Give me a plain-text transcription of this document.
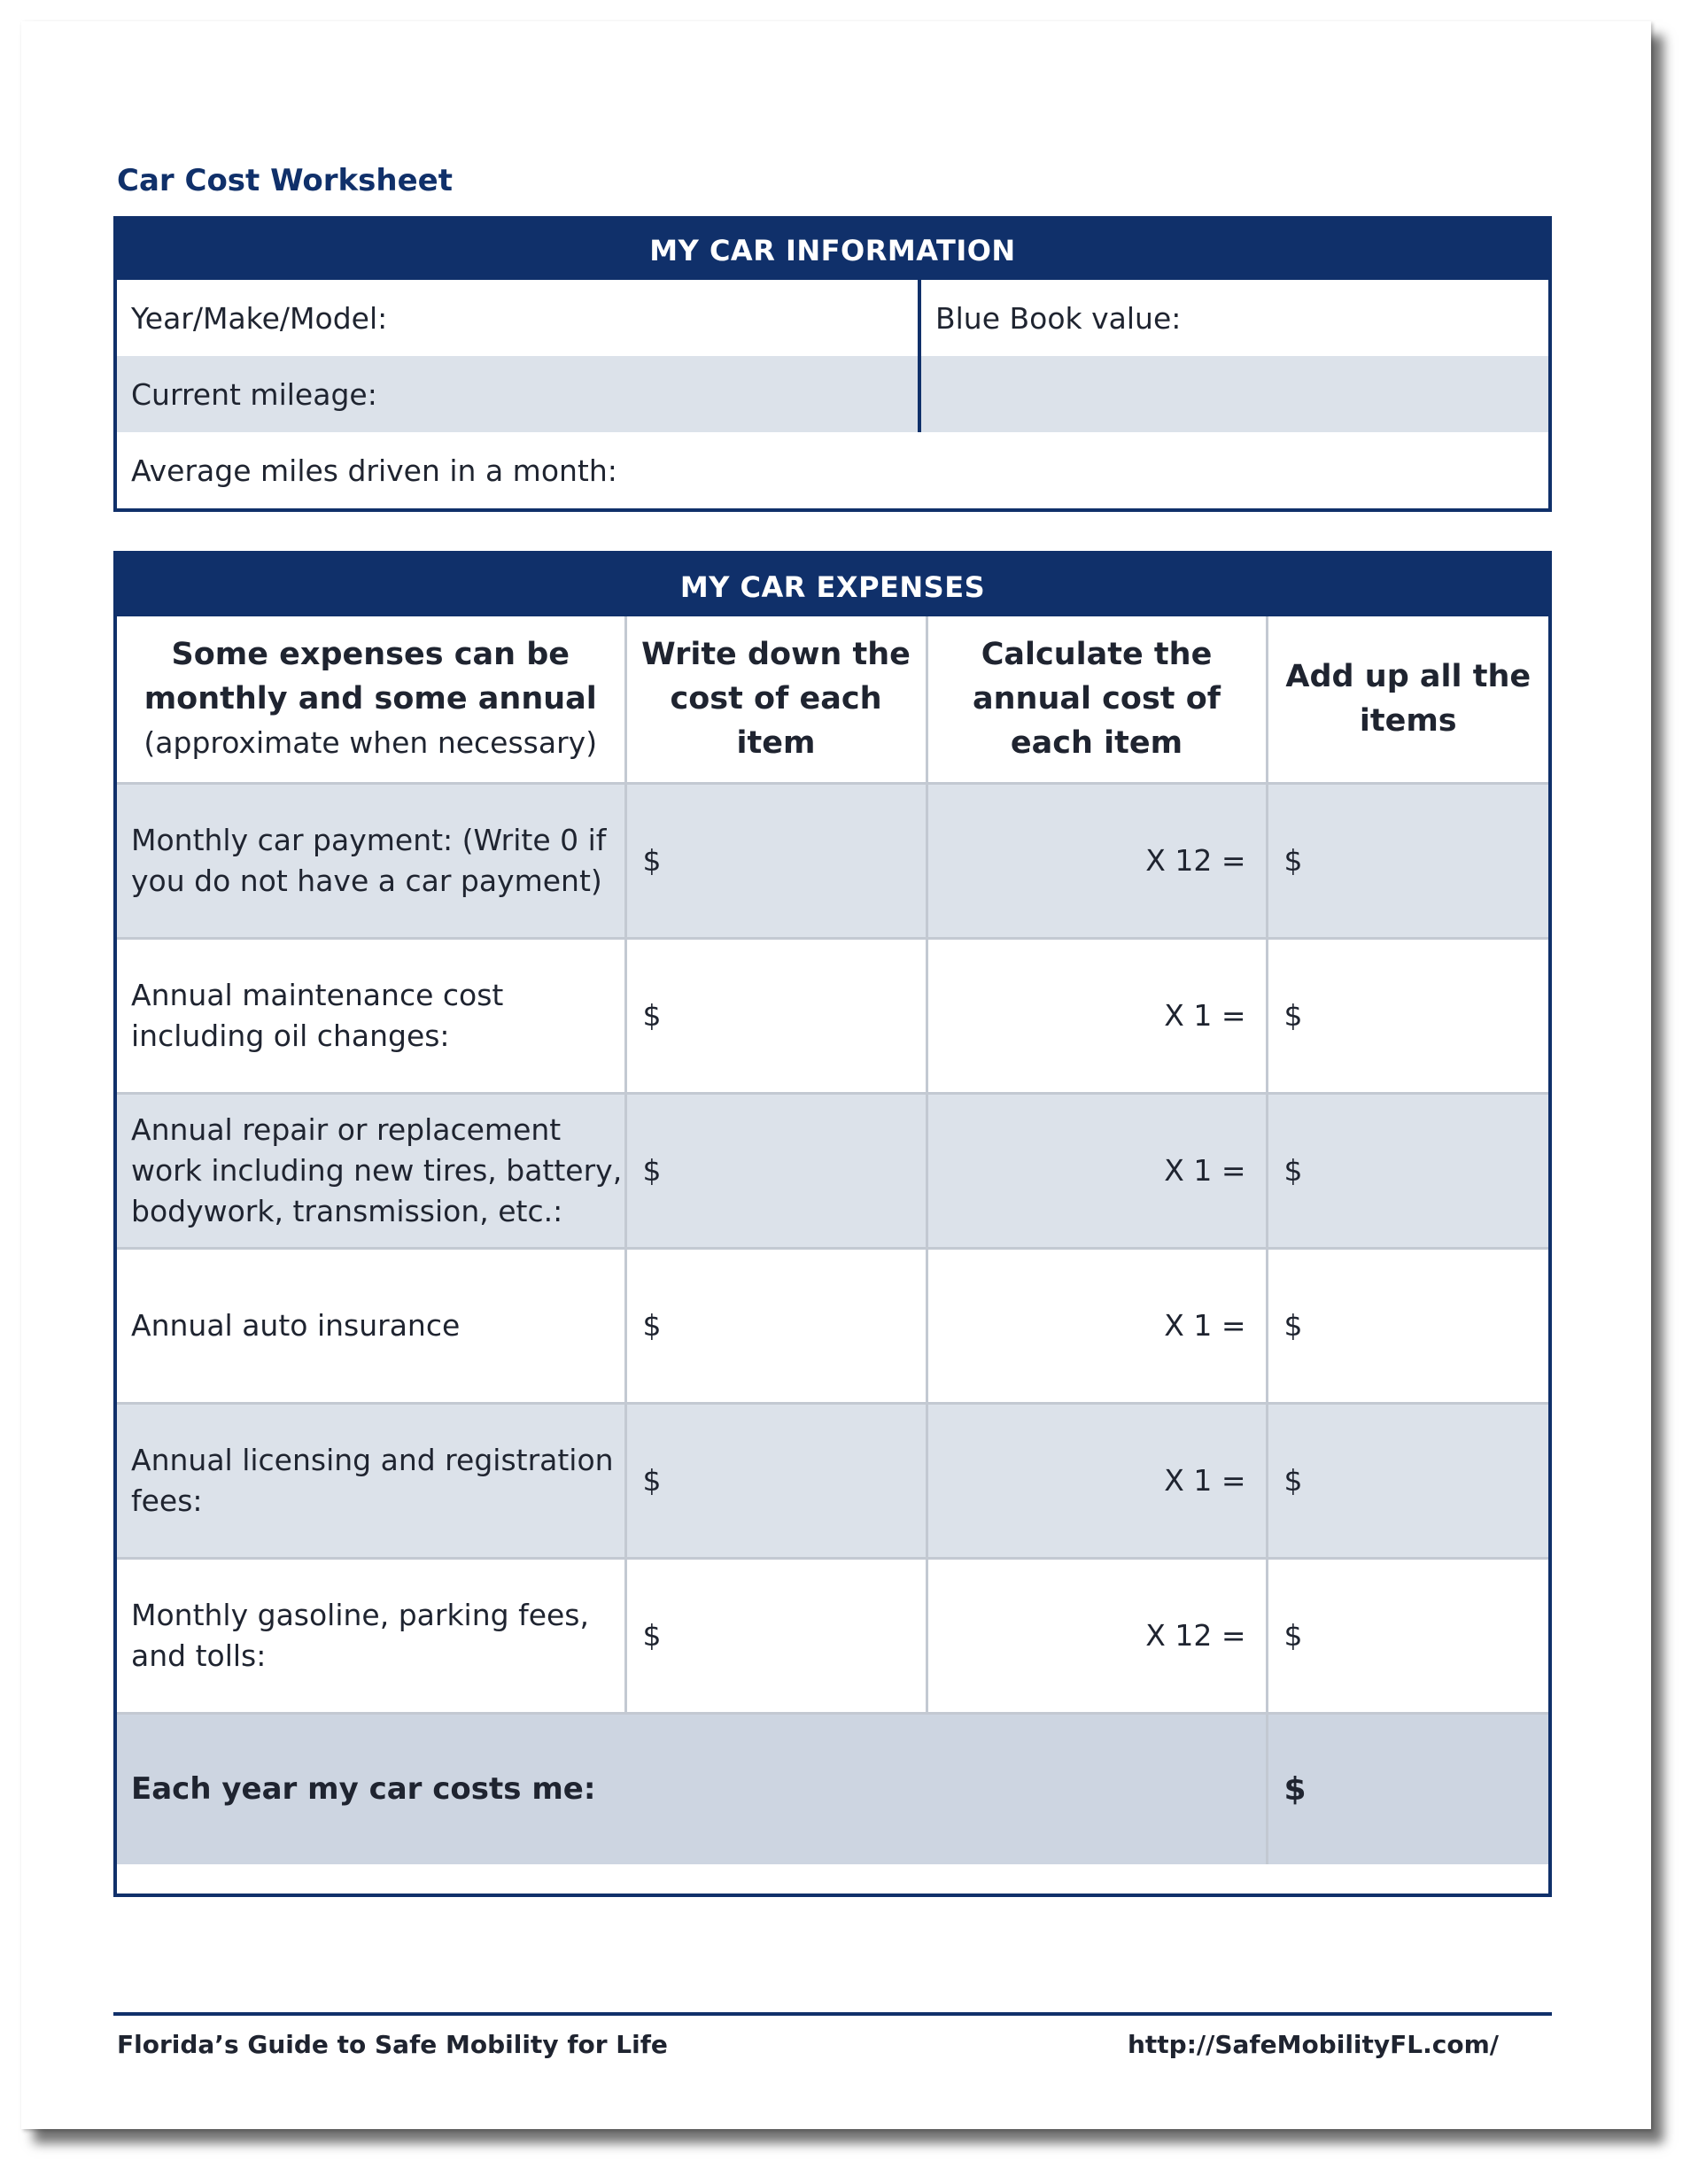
Car Cost Worksheet
MY CAR INFORMATION
Year/Make/Model:	Blue Book value:
Current mileage:
Average miles driven in a month:
MY CAR EXPENSES
Some expenses can be monthly and some annual
(approximate when necessary)	Write down the cost of each item	Calculate the annual cost of each item	Add up all the items
Monthly car payment: (Write 0 if you do not have a car payment)	$	X 12 =	$
Annual maintenance cost including oil changes:	$	X 1 =	$
Annual repair or replacement work including new tires, battery, bodywork, transmission, etc.:	$	X 1 =	$
Annual auto insurance	$	X 1 =	$
Annual licensing and registration fees:	$	X 1 =	$
Monthly gasoline, parking fees, and tolls:	$	X 12 =	$
Each year my car costs me:			$
Florida’s Guide to Safe Mobility for Life	http://SafeMobilityFL.com/
